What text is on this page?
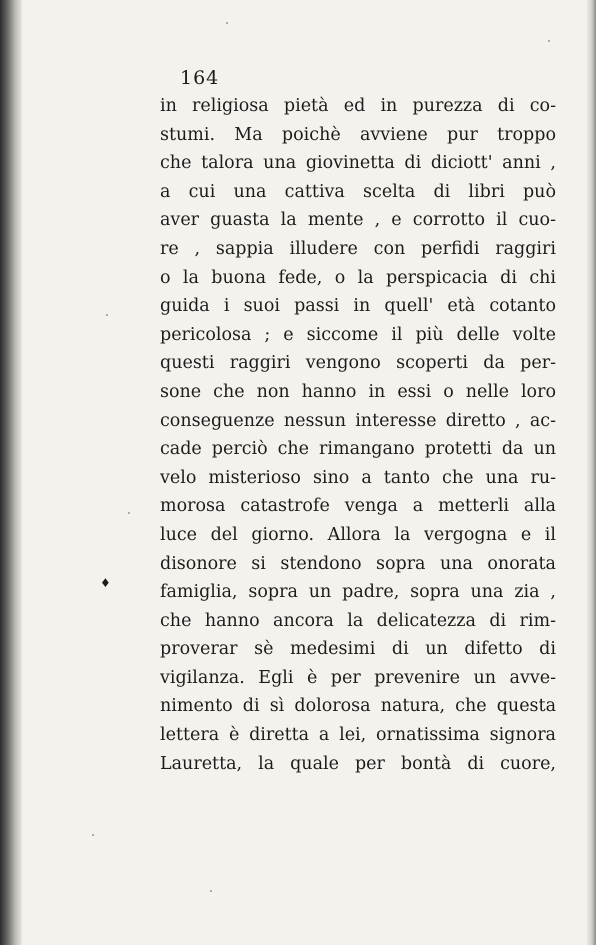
164
in religiosa pietà ed in purezza di co-
stumi. Ma poichè avviene pur troppo
che talora una giovinetta di diciott' anni ,
a cui una cattiva scelta di libri può
aver guasta la mente , e corrotto il cuo-
re , sappia illudere con perfidi raggiri
o la buona fede, o la perspicacia di chi
guida i suoi passi in quell' età cotanto
pericolosa ; e siccome il più delle volte
questi raggiri vengono scoperti da per-
sone che non hanno in essi o nelle loro
conseguenze nessun interesse diretto , ac-
cade perciò che rimangano protetti da un
velo misterioso sino a tanto che una ru-
morosa catastrofe venga a metterli alla
luce del giorno. Allora la vergogna e il
disonore si stendono sopra una onorata
famiglia, sopra un padre, sopra una zia ,
che hanno ancora la delicatezza di rim-
proverar sè medesimi di un difetto di
vigilanza. Egli è per prevenire un avve-
nimento di sì dolorosa natura, che questa
lettera è diretta a lei, ornatissima signora
Lauretta, la quale per bontà di cuore,
♦
